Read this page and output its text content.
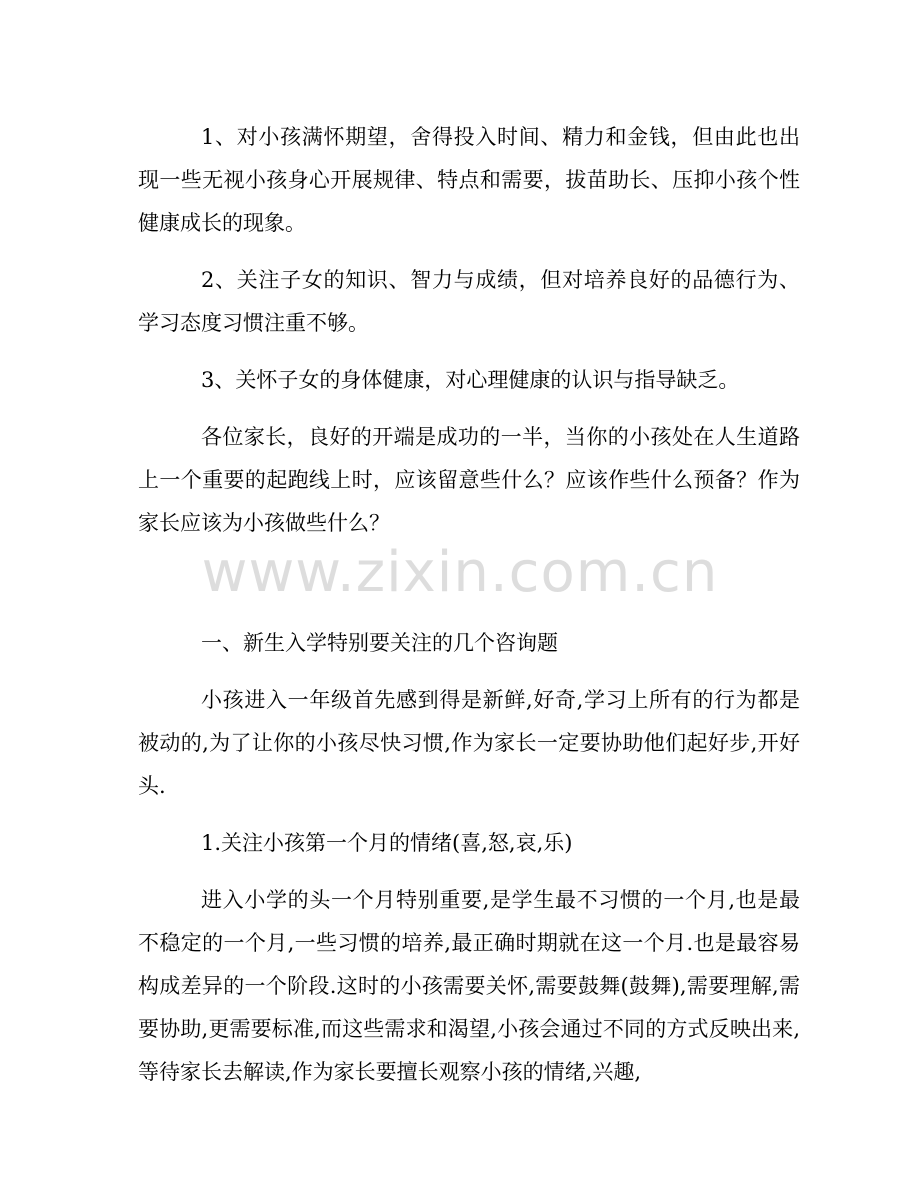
1、对小孩满怀期望，舍得投入时间、精力和金钱，但由此也出现一些无视小孩身心开展规律、特点和需要，拔苗助长、压抑小孩个性健康成长的现象。

2、关注子女的知识、智力与成绩，但对培养良好的品德行为、学习态度习惯注重不够。

3、关怀子女的身体健康，对心理健康的认识与指导缺乏。

各位家长，良好的开端是成功的一半，当你的小孩处在人生道路上一个重要的起跑线上时，应该留意些什么？应该作些什么预备？作为家长应该为小孩做些什么？

一、新生入学特别要关注的几个咨询题

小孩进入一年级首先感到得是新鲜,好奇,学习上所有的行为都是被动的,为了让你的小孩尽快习惯,作为家长一定要协助他们起好步,开好头.

1.关注小孩第一个月的情绪(喜,怒,哀,乐)

进入小学的头一个月特别重要,是学生最不习惯的一个月,也是最不稳定的一个月,一些习惯的培养,最正确时期就在这一个月.也是最容易构成差异的一个阶段.这时的小孩需要关怀,需要鼓舞(鼓舞),需要理解,需要协助,更需要标准,而这些需求和渴望,小孩会通过不同的方式反映出来,等待家长去解读,作为家长要擅长观察小孩的情绪,兴趣,

www.zixin.com.cn
